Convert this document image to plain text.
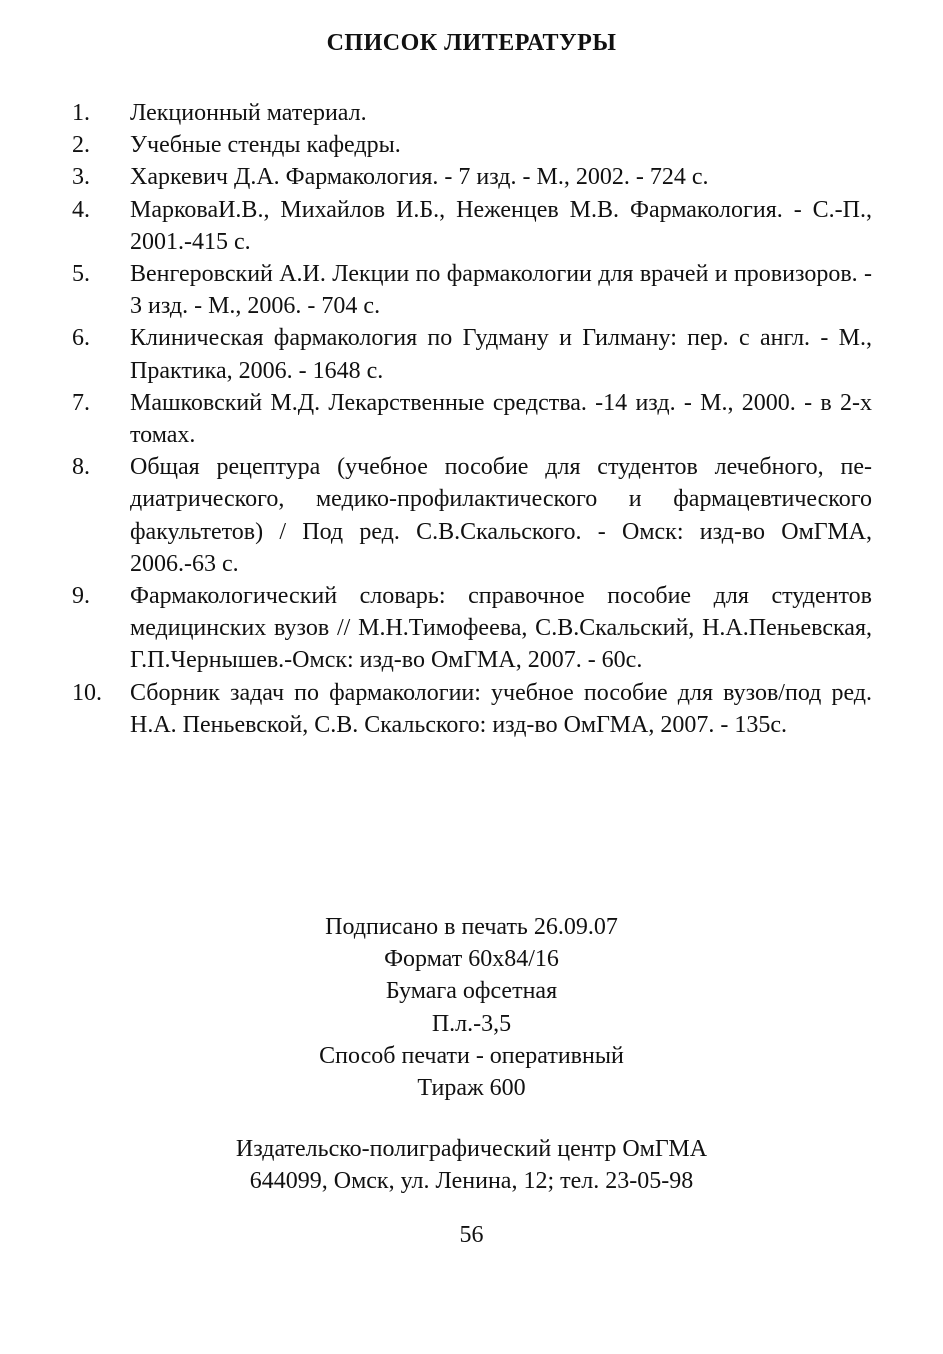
СПИСОК ЛИТЕРАТУРЫ
1.	Лекционный материал.
2.	Учебные стенды кафедры.
3.	Харкевич Д.А. Фармакология. - 7 изд. - М., 2002. - 724 с.
4.	МарковаИ.В., Михайлов И.Б., Неженцев М.В. Фармакология. - С.-П., 2001.-415 с.
5.	Венгеровский А.И. Лекции по фармакологии для врачей и провизоров. - 3 изд. - М., 2006. - 704 с.
6.	Клиническая фармакология по Гудману и Гилману: пер. с англ. - М., Практика, 2006. - 1648 с.
7.	Машковский М.Д. Лекарственные средства. -14 изд. - М., 2000. - в 2-х томах.
8.	Общая рецептура (учебное пособие для студентов лечебного, педиатрического, медико-профилактического и фармацевтического факультетов) / Под ред. С.В.Скальского. - Омск: изд-во ОмГМА, 2006.-63 с.
9.	Фармакологический словарь: справочное пособие для студентов медицинских вузов // М.Н.Тимофеева, С.В.Скальский, Н.А.Пеньевская, Г.П.Чернышев.-Омск: изд-во ОмГМА, 2007. - 60с.
10.	Сборник задач по фармакологии: учебное пособие для вузов/под ред. Н.А. Пеньевской, С.В. Скальского: изд-во ОмГМА, 2007. - 135с.
Подписано в печать 26.09.07
Формат 60x84/16
Бумага офсетная
П.л.-3,5
Способ печати - оперативный
Тираж 600
Издательско-полиграфический центр ОмГМА
644099, Омск, ул. Ленина, 12; тел. 23-05-98
56
